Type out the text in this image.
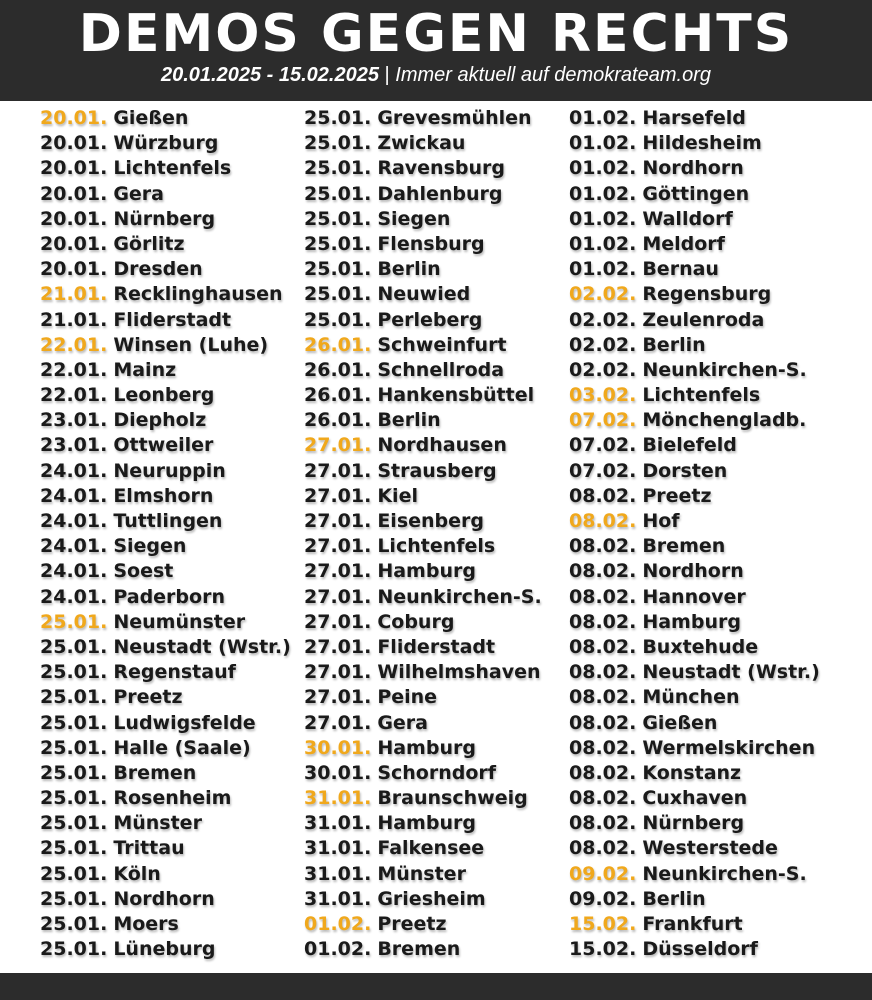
DEMOS GEGEN RECHTS
20.01.2025 - 15.02.2025 | Immer aktuell auf demokrateam.org
20.01. Gießen
20.01. Würzburg
20.01. Lichtenfels
20.01. Gera
20.01. Nürnberg
20.01. Görlitz
20.01. Dresden
21.01. Recklinghausen
21.01. Fliderstadt
22.01. Winsen (Luhe)
22.01. Mainz
22.01. Leonberg
23.01. Diepholz
23.01. Ottweiler
24.01. Neuruppin
24.01. Elmshorn
24.01. Tuttlingen
24.01. Siegen
24.01. Soest
24.01. Paderborn
25.01. Neumünster
25.01. Neustadt (Wstr.)
25.01. Regenstauf
25.01. Preetz
25.01. Ludwigsfelde
25.01. Halle (Saale)
25.01. Bremen
25.01. Rosenheim
25.01. Münster
25.01. Trittau
25.01. Köln
25.01. Nordhorn
25.01. Moers
25.01. Lüneburg
25.01. Grevesmühlen
25.01. Zwickau
25.01. Ravensburg
25.01. Dahlenburg
25.01. Siegen
25.01. Flensburg
25.01. Berlin
25.01. Neuwied
25.01. Perleberg
26.01. Schweinfurt
26.01. Schnellroda
26.01. Hankensbüttel
26.01. Berlin
27.01. Nordhausen
27.01. Strausberg
27.01. Kiel
27.01. Eisenberg
27.01. Lichtenfels
27.01. Hamburg
27.01. Neunkirchen-S.
27.01. Coburg
27.01. Fliderstadt
27.01. Wilhelmshaven
27.01. Peine
27.01. Gera
30.01. Hamburg
30.01. Schorndorf
31.01. Braunschweig
31.01. Hamburg
31.01. Falkensee
31.01. Münster
31.01. Griesheim
01.02. Preetz
01.02. Bremen
01.02. Harsefeld
01.02. Hildesheim
01.02. Nordhorn
01.02. Göttingen
01.02. Walldorf
01.02. Meldorf
01.02. Bernau
02.02. Regensburg
02.02. Zeulenroda
02.02. Berlin
02.02. Neunkirchen-S.
03.02. Lichtenfels
07.02. Mönchengladb.
07.02. Bielefeld
07.02. Dorsten
08.02. Preetz
08.02. Hof
08.02. Bremen
08.02. Nordhorn
08.02. Hannover
08.02. Hamburg
08.02. Buxtehude
08.02. Neustadt (Wstr.)
08.02. München
08.02. Gießen
08.02. Wermelskirchen
08.02. Konstanz
08.02. Cuxhaven
08.02. Nürnberg
08.02. Westerstede
09.02. Neunkirchen-S.
09.02. Berlin
15.02. Frankfurt
15.02. Düsseldorf
